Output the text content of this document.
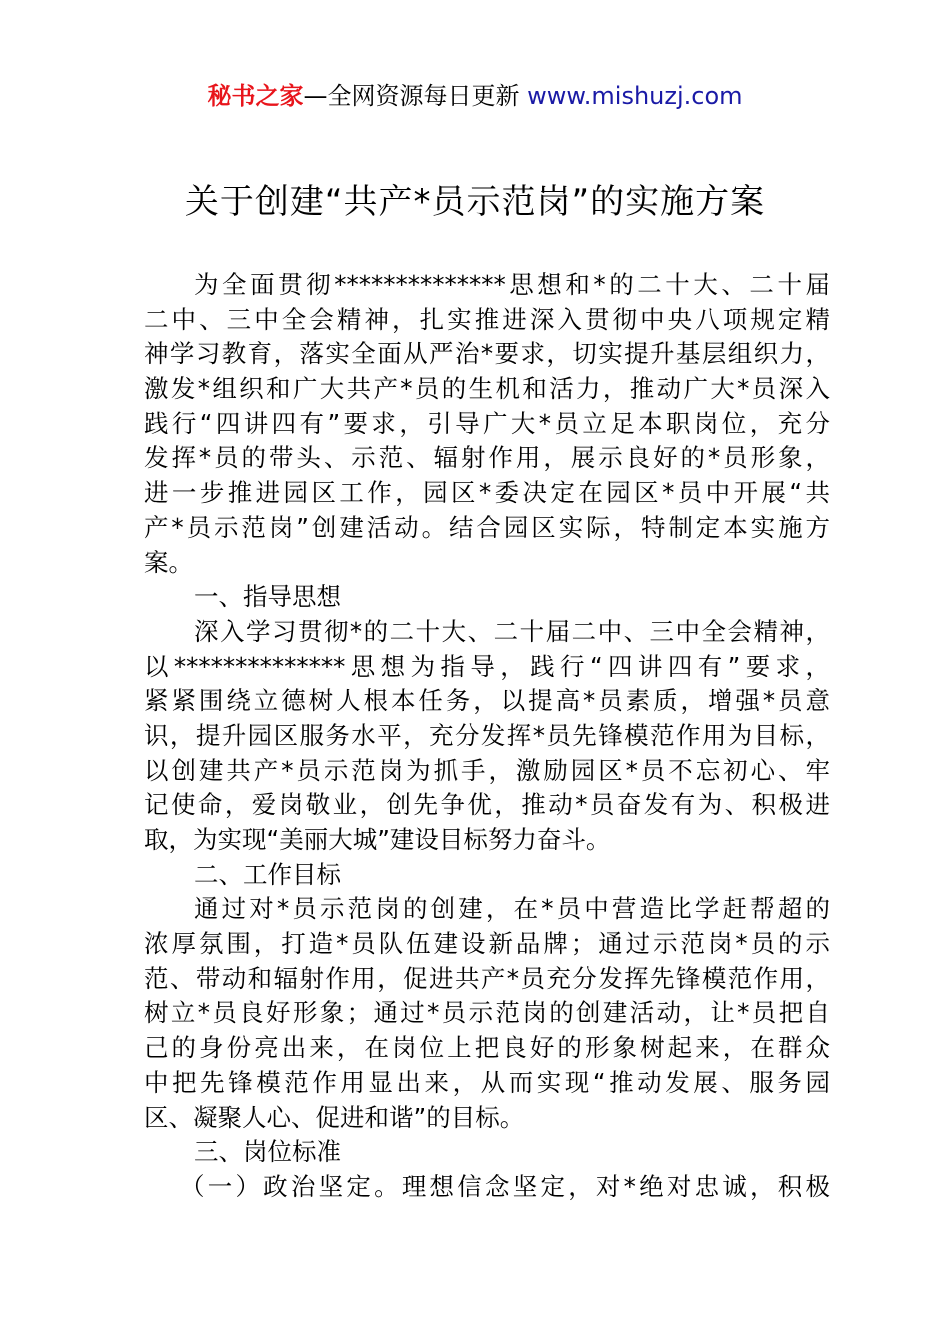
秘书之家—全网资源每日更新 www.mishuzj.com
关于创建“共产*员示范岗”的实施方案
为全面贯彻**************思想和*的二十大、二十届
二中、三中全会精神，扎实推进深入贯彻中央八项规定精
神学习教育，落实全面从严治*要求，切实提升基层组织力，
激发*组织和广大共产*员的生机和活力，推动广大*员深入
践行“四讲四有”要求，引导广大*员立足本职岗位，充分
发挥*员的带头、示范、辐射作用，展示良好的*员形象，
进一步推进园区工作，园区*委决定在园区*员中开展“共
产*员示范岗”创建活动。结合园区实际，特制定本实施方
案。
一、指导思想
深入学习贯彻*的二十大、二十届二中、三中全会精神，
以**************思想为指导，践行“四讲四有”要求，
紧紧围绕立德树人根本任务，以提高*员素质，增强*员意
识，提升园区服务水平，充分发挥*员先锋模范作用为目标，
以创建共产*员示范岗为抓手，激励园区*员不忘初心、牢
记使命，爱岗敬业，创先争优，推动*员奋发有为、积极进
取，为实现“美丽大城”建设目标努力奋斗。
二、工作目标
通过对*员示范岗的创建，在*员中营造比学赶帮超的
浓厚氛围，打造*员队伍建设新品牌；通过示范岗*员的示
范、带动和辐射作用，促进共产*员充分发挥先锋模范作用，
树立*员良好形象；通过*员示范岗的创建活动，让*员把自
己的身份亮出来，在岗位上把良好的形象树起来，在群众
中把先锋模范作用显出来，从而实现“推动发展、服务园
区、凝聚人心、促进和谐”的目标。
三、岗位标准
（一）政治坚定。理想信念坚定，对*绝对忠诚，积极
